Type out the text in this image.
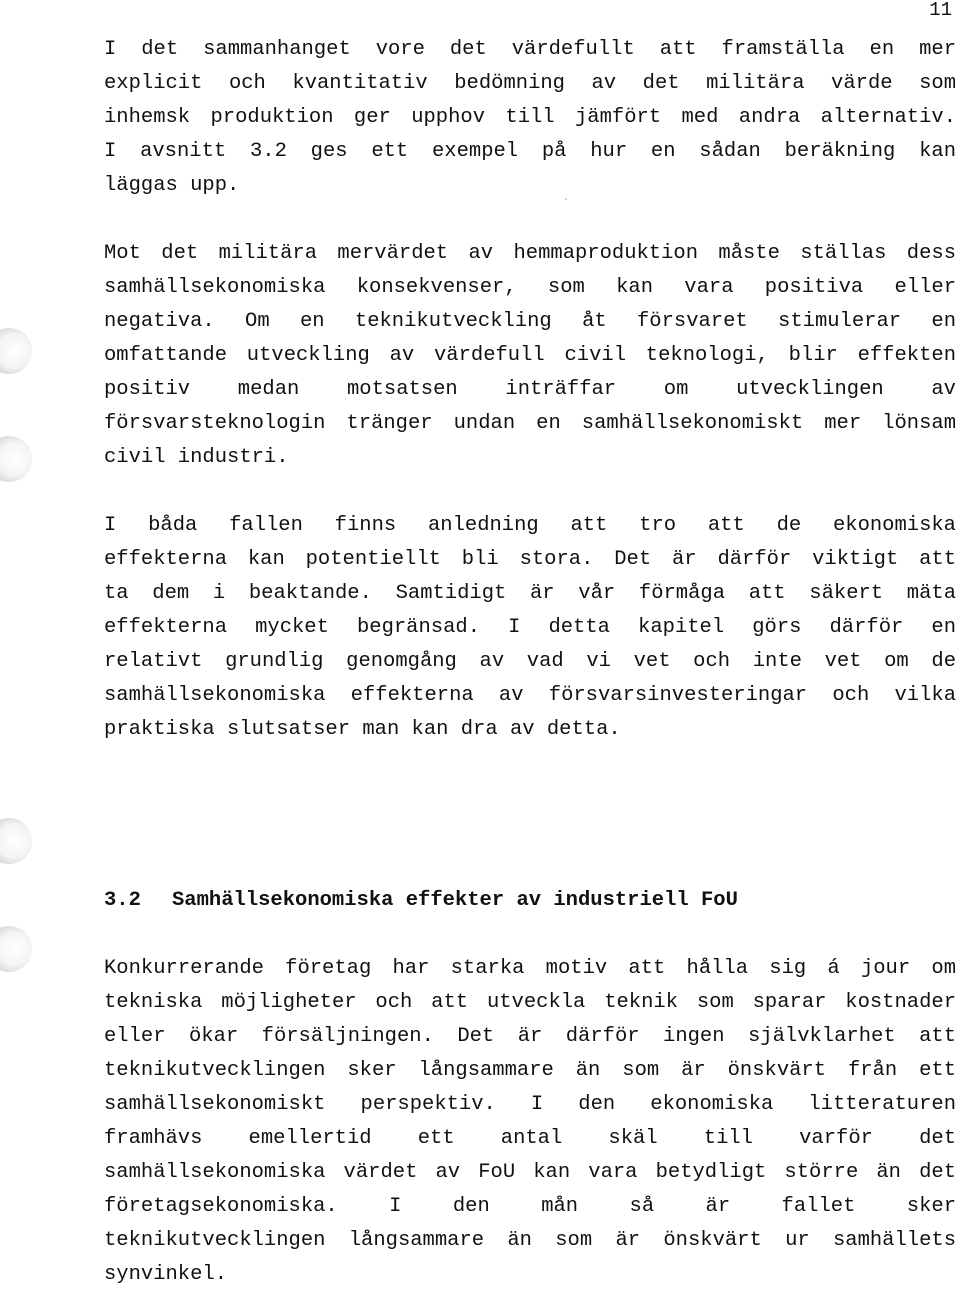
11
I det sammanhanget vore det värdefullt att framställa en mer
explicit och kvantitativ bedömning av det militära värde som
inhemsk produktion ger upphov till jämfört med andra alternativ.
I avsnitt 3.2 ges ett exempel på hur en sådan beräkning kan
läggas upp.
Mot det militära mervärdet av hemmaproduktion måste ställas dess
samhällsekonomiska konsekvenser, som kan vara positiva eller
negativa. Om en teknikutveckling åt försvaret stimulerar en
omfattande utveckling av värdefull civil teknologi, blir effekten
positiv medan motsatsen inträffar om utvecklingen av
försvarsteknologin tränger undan en samhällsekonomiskt mer lönsam
civil industri.
I båda fallen finns anledning att tro att de ekonomiska
effekterna kan potentiellt bli stora. Det är därför viktigt att
ta dem i beaktande. Samtidigt är vår förmåga att säkert mäta
effekterna mycket begränsad. I detta kapitel görs därför en
relativt grundlig genomgång av vad vi vet och inte vet om de
samhällsekonomiska effekterna av försvarsinvesteringar och vilka
praktiska slutsatser man kan dra av detta.
3.2 Samhällsekonomiska effekter av industriell FoU
Konkurrerande företag har starka motiv att hålla sig á jour om
tekniska möjligheter och att utveckla teknik som sparar kostnader
eller ökar försäljningen. Det är därför ingen självklarhet att
teknikutvecklingen sker långsammare än som är önskvärt från ett
samhällsekonomiskt perspektiv. I den ekonomiska litteraturen
framhävs emellertid ett antal skäl till varför det
samhällsekonomiska värdet av FoU kan vara betydligt större än det
företagsekonomiska. I den mån så är fallet sker
teknikutvecklingen långsammare än som är önskvärt ur samhällets
synvinkel.
